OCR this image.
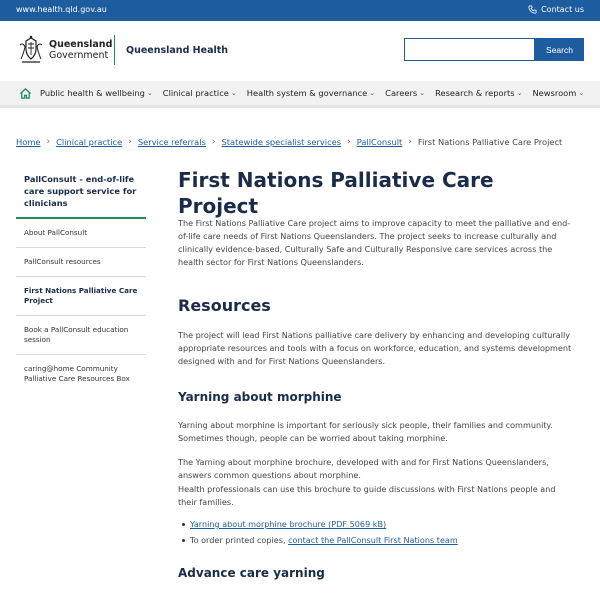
www.health.qld.gov.au	Contact us
Queensland
Government	Queensland Health	Search
Public health & wellbeing ⌄ Clinical practice ⌄ Health system & governance ⌄ Careers ⌄ Research & reports ⌄ Newsroom ⌄
Home › Clinical practice › Service referrals › Statewide specialist services › PallConsult › First Nations Palliative Care Project
PallConsult - end-of-life care support service for clinicians
About PallConsult
PallConsult resources
First Nations Palliative Care Project
Book a PallConsult education session
caring@home Community Palliative Care Resources Box
First Nations Palliative Care Project

The First Nations Palliative Care project aims to improve capacity to meet the palliative and end-of-life care needs of First Nations Queenslanders. The project seeks to increase culturally and clinically evidence-based, Culturally Safe and Culturally Responsive care services across the health sector for First Nations Queenslanders.

Resources

The project will lead First Nations palliative care delivery by enhancing and developing culturally appropriate resources and tools with a focus on workforce, education, and systems development designed with and for First Nations Queenslanders.

Yarning about morphine

Yarning about morphine is important for seriously sick people, their families and community. Sometimes though, people can be worried about taking morphine.

The Yarning about morphine brochure, developed with and for First Nations Queenslanders, answers common questions about morphine.

Health professionals can use this brochure to guide discussions with First Nations people and their families.

Yarning about morphine brochure (PDF 5069 kB)
To order printed copies, contact the PallConsult First Nations team
Advance care yarning
